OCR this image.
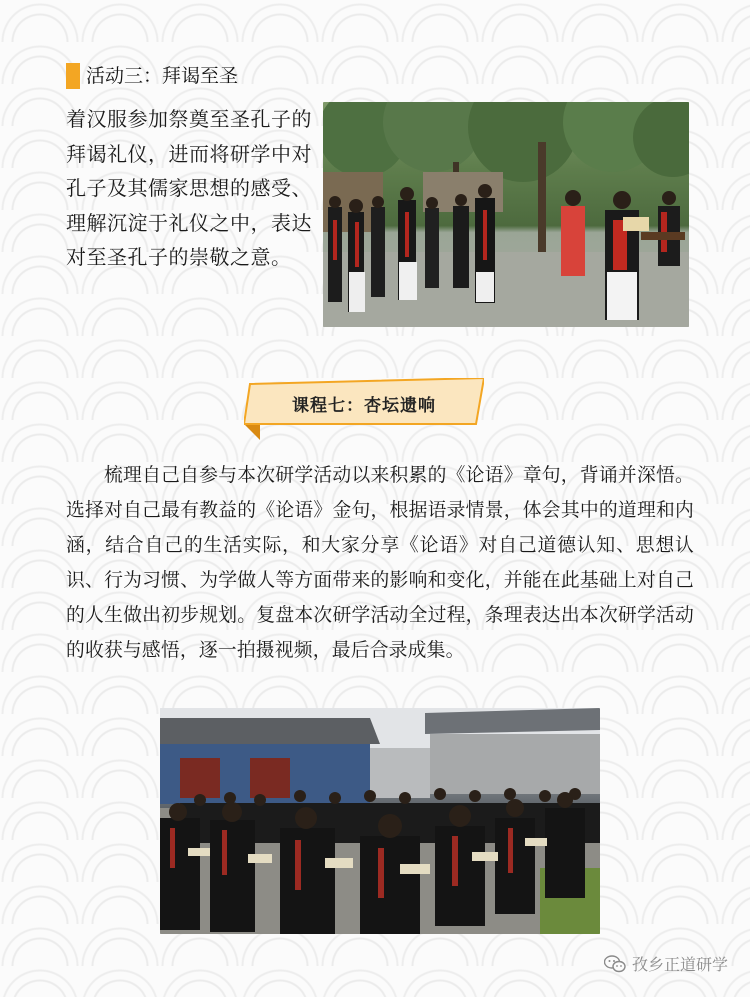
活动三：拜谒至圣
着汉服参加祭奠至圣孔子的拜谒礼仪，进而将研学中对孔子及其儒家思想的感受、理解沉淀于礼仪之中，表达对至圣孔子的崇敬之意。
课程七：杏坛遗响
梳理自己自参与本次研学活动以来积累的《论语》章句，背诵并深悟。选择对自己最有教益的《论语》金句，根据语录情景，体会其中的道理和内涵，结合自己的生活实际，和大家分享《论语》对自己道德认知、思想认识、行为习惯、为学做人等方面带来的影响和变化，并能在此基础上对自己的人生做出初步规划。复盘本次研学活动全过程，条理表达出本次研学活动的收获与感悟，逐一拍摄视频，最后合录成集。
孜乡正道研学
